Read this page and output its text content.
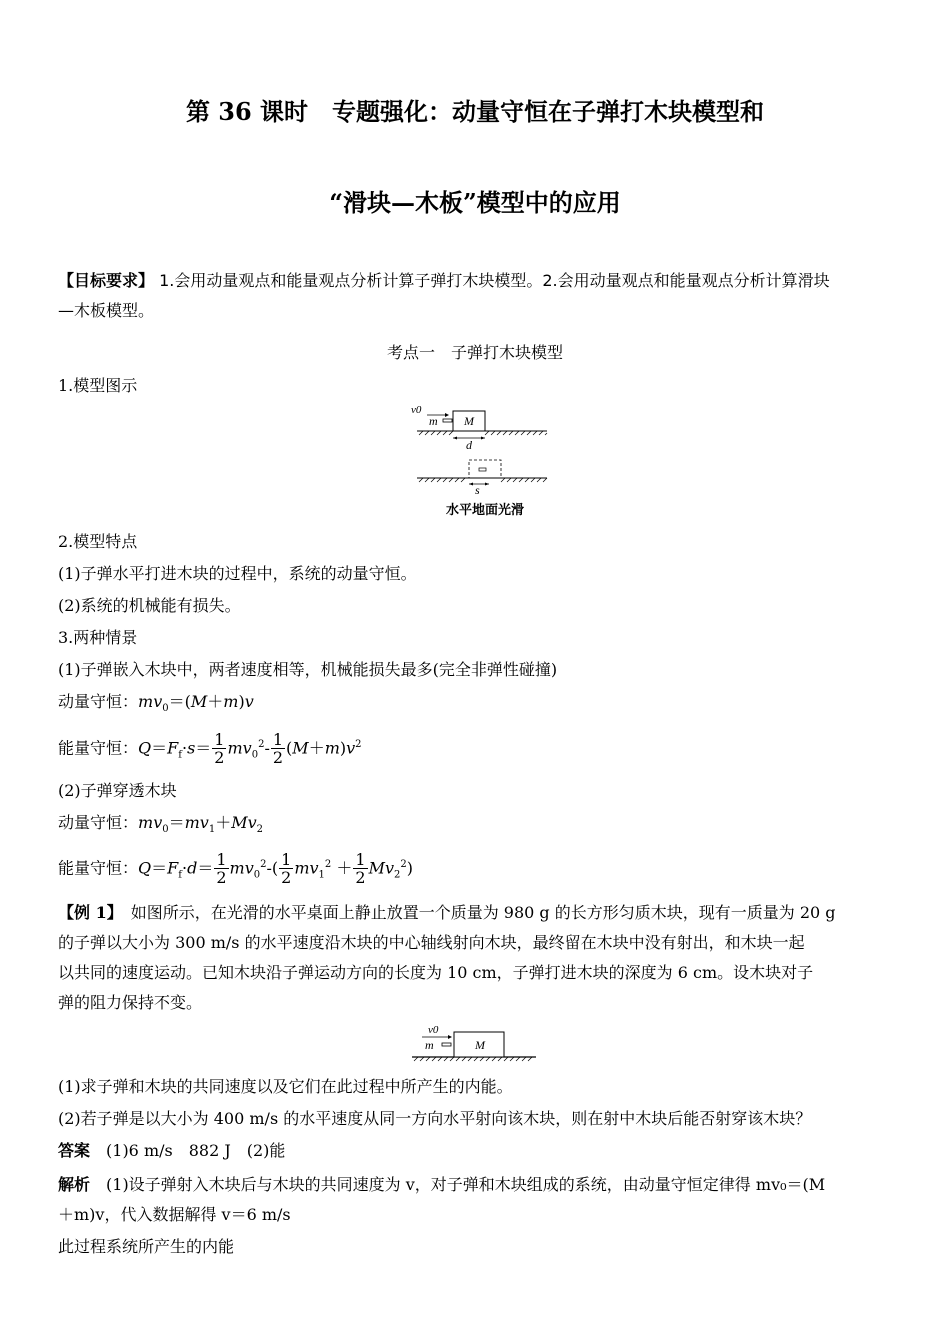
第 36 课时　专题强化：动量守恒在子弹打木块模型和
“滑块—木板”模型中的应用
【目标要求】 1.会用动量观点和能量观点分析计算子弹打木块模型。2.会用动量观点和能量观点分析计算滑块
—木板模型。
考点一　子弹打木块模型
1.模型图示
v0
m M
d
s
水平地面光滑
2.模型特点
(1)子弹水平打进木块的过程中，系统的动量守恒。
(2)系统的机械能有损失。
3.两种情景
(1)子弹嵌入木块中，两者速度相等，机械能损失最多(完全非弹性碰撞)
动量守恒：$mv_0=(M+m)v$
能量守恒：$Q=F_f\cdot s= \frac{1}{2} mv_0^2- \frac{1}{2} (M+m)v^2$
(2)子弹穿透木块
动量守恒：$mv_0=mv_1+Mv_2$
能量守恒：$Q=F_f\cdot d= \frac{1}{2} mv_0^2-( \frac{1}{2} mv_1^2 + \frac{1}{2} Mv_2^2)$
【例 1】　如图所示，在光滑的水平桌面上静止放置一个质量为 980 g 的长方形匀质木块，现有一质量为 20 g
的子弹以大小为 300 m/s 的水平速度沿木块的中心轴线射向木块，最终留在木块中没有射出，和木块一起
以共同的速度运动。已知木块沿子弹运动方向的长度为 10 cm，子弹打进木块的深度为 6 cm。设木块对子
弹的阻力保持不变。
v0
m	M
(1)求子弹和木块的共同速度以及它们在此过程中所产生的内能。
(2)若子弹是以大小为 400 m/s 的水平速度从同一方向水平射向该木块，则在射中木块后能否射穿该木块？
答案　(1)6 m/s　882 J　(2)能
解析　(1)设子弹射入木块后与木块的共同速度为 v，对子弹和木块组成的系统，由动量守恒定律得 mv₀＝(M
＋m)v，代入数据解得 v＝6 m/s
此过程系统所产生的内能
